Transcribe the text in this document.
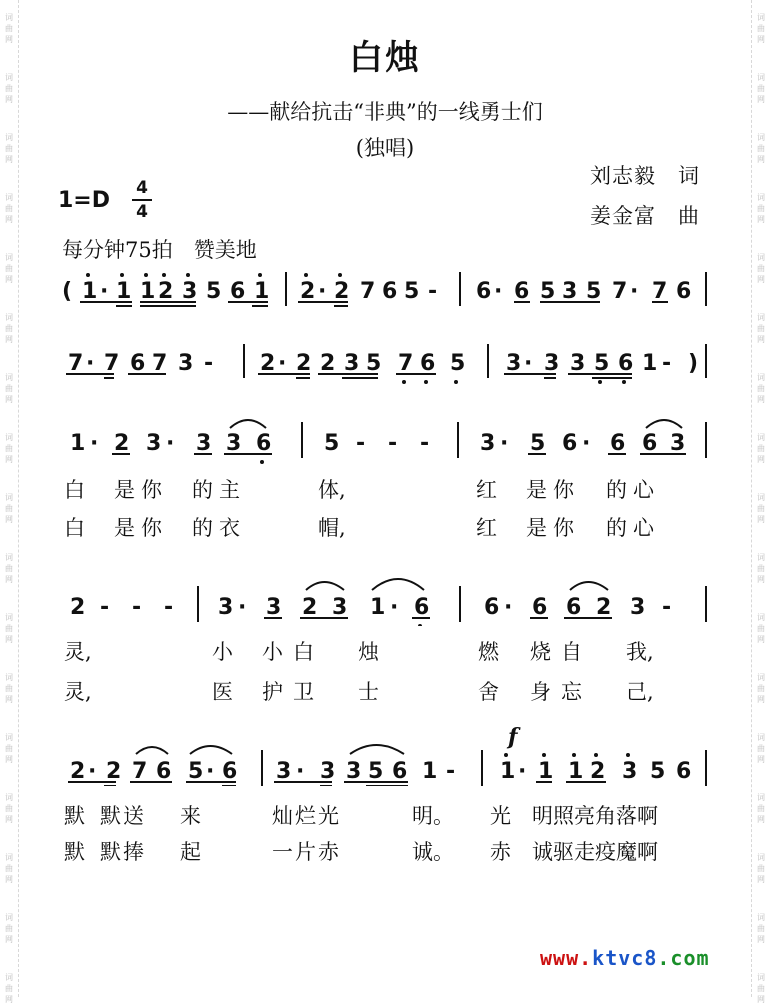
词
曲
网
词
曲
网
词
曲
网
词
曲
网
词
曲
网
词
曲
网
词
曲
网
词
曲
网
词
曲
网
词
曲
网
词
曲
网
词
曲
网
词
曲
网
词
曲
网
词
曲
网
词
曲
网
词
曲
网
词
曲
网
词
曲
网
词
曲
网
词
曲
网
词
曲
网
词
曲
网
词
曲
网
词
曲
网
词
曲
网
词
曲
网
词
曲
网
词
曲
网
词
曲
网
词
曲
网
词
曲
网
词
曲
网
词
曲
网
白烛
——献给抗击“非典”的一线勇士们
(独唱)
刘志毅　词
姜金富　曲
1=D 4
4
每分钟75拍　赞美地
( 1 · 1 1 2 3 5 6 1 2 · 2 7 6 5 - 6 · 6 5 3 5 7 · 7 6
7 · 7 6 7 3 - 2 · 2 2 3 5 7 6 5 3 · 3 3 5 6 1 - )
1 · 2 3 · 3 3 6 5 - - - 3 · 5 6 · 6 6 3
2 - - - 3 · 3 2 3 1 · 6 6 · 6 6 2 3 -
f
2 · 2 7 6 5 · 6 3 · 3 3 5 6 1 - 1 · 1 1 2 3 5 6
白 是你 的主	体,	红 是你 的心
白 是你 的衣	帽,	红 是你 的心
灵,	小 小白 烛	燃 烧自 我,
灵,	医 护卫 士	舍 身忘 己,
默 默送 来	灿烂光	明。 光 明照亮角落啊
默 默捧 起	一片赤	诚。 赤 诚驱走疫魔啊
www.ktvc8.com
